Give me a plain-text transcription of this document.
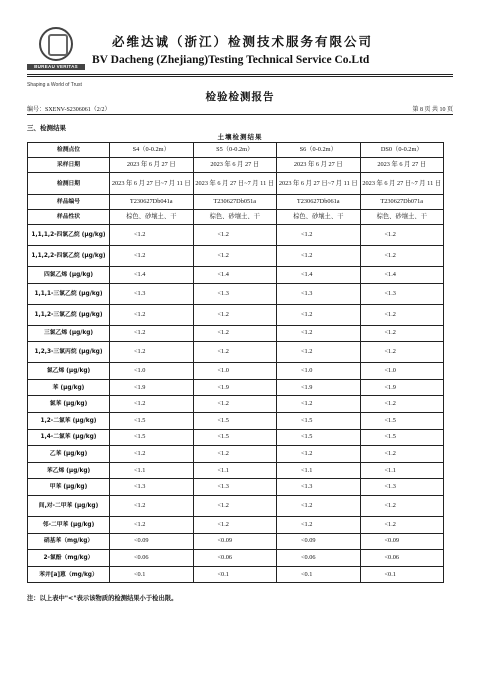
BUREAU VERITAS
Shaping a World of Trust
必维达诚（浙江）检测技术服务有限公司
BV Dacheng (Zhejiang)Testing Technical Service Co.Ltd
检验检测报告
编号：SXENV-S2306061（2/2）	第 8 页 共 10 页
三、检测结果
土壤检测结果
检测点位	S4（0-0.2m）	S5（0-0.2m）	S6（0-0.2m）	DS0（0-0.2m）
采样日期	2023 年 6 月 27 日	2023 年 6 月 27 日	2023 年 6 月 27 日	2023 年 6 月 27 日
检测日期	2023 年 6 月 27 日~7 月 11 日	2023 年 6 月 27 日~7 月 11 日	2023 年 6 月 27 日~7 月 11 日	2023 年 6 月 27 日~7 月 11 日
样品编号	T230627Db041a	T230627Db051a	T230627Db061a	T230627Db071a
样品性状	棕色、砂壤土、干	棕色、砂壤土、干	棕色、砂壤土、干	棕色、砂壤土、干
1,1,1,2-四氯乙烷 (μg/kg)	<1.2	<1.2	<1.2	<1.2
1,1,2,2-四氯乙烷 (μg/kg)	<1.2	<1.2	<1.2	<1.2
四氯乙烯 (μg/kg)	<1.4	<1.4	<1.4	<1.4
1,1,1-三氯乙烷 (μg/kg)	<1.3	<1.3	<1.3	<1.3
1,1,2-三氯乙烷 (μg/kg)	<1.2	<1.2	<1.2	<1.2
三氯乙烯 (μg/kg)	<1.2	<1.2	<1.2	<1.2
1,2,3-三氯丙烷 (μg/kg)	<1.2	<1.2	<1.2	<1.2
氯乙烯 (μg/kg)	<1.0	<1.0	<1.0	<1.0
苯 (μg/kg)	<1.9	<1.9	<1.9	<1.9
氯苯 (μg/kg)	<1.2	<1.2	<1.2	<1.2
1,2-二氯苯 (μg/kg)	<1.5	<1.5	<1.5	<1.5
1,4-二氯苯 (μg/kg)	<1.5	<1.5	<1.5	<1.5
乙苯 (μg/kg)	<1.2	<1.2	<1.2	<1.2
苯乙烯 (μg/kg)	<1.1	<1.1	<1.1	<1.1
甲苯 (μg/kg)	<1.3	<1.3	<1.3	<1.3
间,对-二甲苯 (μg/kg)	<1.2	<1.2	<1.2	<1.2
邻-二甲苯 (μg/kg)	<1.2	<1.2	<1.2	<1.2
硝基苯（mg/kg）	<0.09	<0.09	<0.09	<0.09
2-氯酚（mg/kg）	<0.06	<0.06	<0.06	<0.06
苯并[a]蒽（mg/kg）	<0.1	<0.1	<0.1	<0.1
注：以上表中"<"表示该物质的检测结果小于检出限。
